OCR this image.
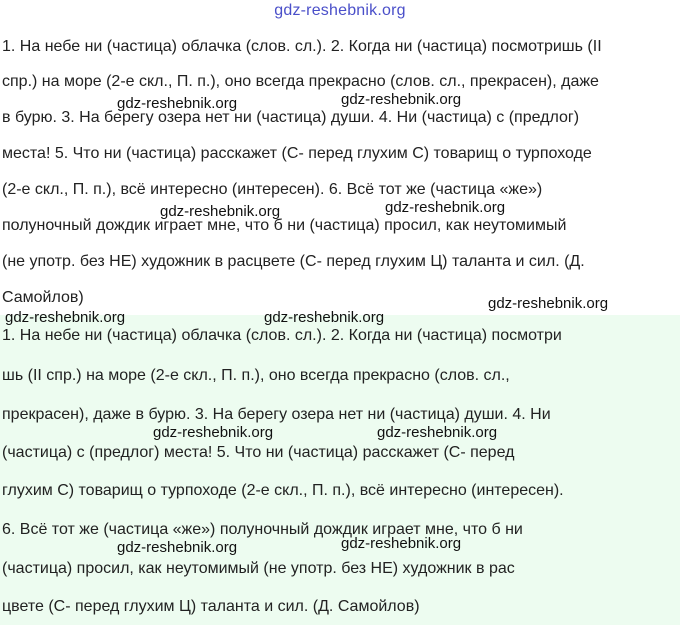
gdz-reshebnik.org
1. На небе ни (частица) облачка (слов. сл.). 2. Когда ни (частица) посмотришь (II
спр.) на море (2-е скл., П. п.), оно всегда прекрасно (слов. сл., прекрасен), даже
в бурю. 3. На берегу озера нет ни (частица) души. 4. Ни (частица) с (предлог)
места! 5. Что ни (частица) расскажет (С- перед глухим С) товарищ о турпоходе
(2-е скл., П. п.), всё интересно (интересен). 6. Всё тот же (частица «же»)
полуночный дождик играет мне, что б ни (частица) просил, как неутомимый
(не употр. без НЕ) художник в расцвете (С- перед глухим Ц) таланта и сил. (Д.
Самойлов)
gdz-reshebnik.org	gdz-reshebnik.org
gdz-reshebnik.org	gdz-reshebnik.org
gdz-reshebnik.org
1. На небе ни (частица) облачка (слов. сл.). 2. Когда ни (частица) посмотри
шь (II спр.) на море (2-е скл., П. п.), оно всегда прекрасно (слов. сл.,
прекрасен), даже в бурю. 3. На берегу озера нет ни (частица) души. 4. Ни
(частица) с (предлог) места! 5. Что ни (частица) расскажет (С- перед
глухим С) товарищ о турпоходе (2-е скл., П. п.), всё интересно (интересен).
6. Всё тот же (частица «же») полуночный дождик играет мне, что б ни
(частица) просил, как неутомимый (не употр. без НЕ) художник в рас
цвете (С- перед глухим Ц) таланта и сил. (Д. Самойлов)
gdz-reshebnik.org	gdz-reshebnik.org
gdz-reshebnik.org	gdz-reshebnik.org
gdz-reshebnik.org	gdz-reshebnik.org
